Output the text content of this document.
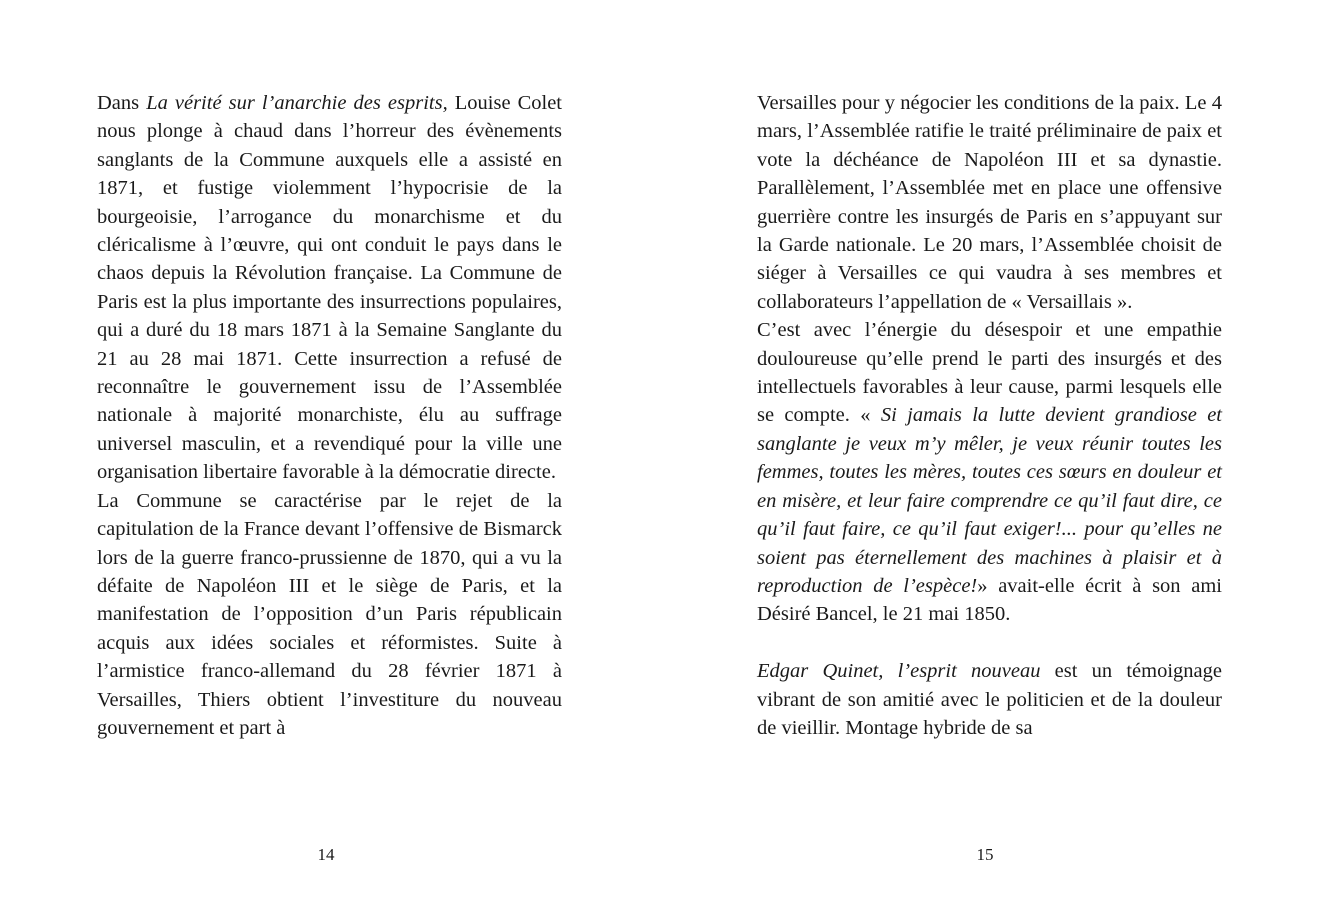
Dans La vérité sur l’anarchie des esprits, Louise Colet nous plonge à chaud dans l’horreur des évènements sanglants de la Commune auxquels elle a assisté en 1871, et fustige violemment l’hypocrisie de la bourgeoisie, l’arrogance du monarchisme et du cléricalisme à l’œuvre, qui ont conduit le pays dans le chaos depuis la Révolution française. La Commune de Paris est la plus importante des insurrections populaires, qui a duré du 18 mars 1871 à la Semaine Sanglante du 21 au 28 mai 1871. Cette insurrection a refusé de reconnaître le gouvernement issu de l’Assemblée nationale à majorité monarchiste, élu au suffrage universel masculin, et a revendiqué pour la ville une organisation libertaire favorable à la démocratie directe.

La Commune se caractérise par le rejet de la capitulation de la France devant l’offensive de Bismarck lors de la guerre franco-prussienne de 1870, qui a vu la défaite de Napoléon III et le siège de Paris, et la manifestation de l’opposition d’un Paris républicain acquis aux idées sociales et réformistes. Suite à l’armistice franco-allemand du 28 février 1871 à Versailles, Thiers obtient l’investiture du nouveau gouvernement et part à

14

Versailles pour y négocier les conditions de la paix. Le 4 mars, l’Assemblée ratifie le traité préliminaire de paix et vote la déchéance de Napoléon III et sa dynastie. Parallèlement, l’Assemblée met en place une offensive guerrière contre les insurgés de Paris en s’appuyant sur la Garde nationale. Le 20 mars, l’Assemblée choisit de siéger à Versailles ce qui vaudra à ses membres et collaborateurs l’appellation de « Versaillais ».

C’est avec l’énergie du désespoir et une empathie douloureuse qu’elle prend le parti des insurgés et des intellectuels favorables à leur cause, parmi lesquels elle se compte. « Si jamais la lutte devient grandiose et sanglante je veux m’y mêler, je veux réunir toutes les femmes, toutes les mères, toutes ces sœurs en douleur et en misère, et leur faire comprendre ce qu’il faut dire, ce qu’il faut faire, ce qu’il faut exiger!... pour qu’elles ne soient pas éternellement des machines à plaisir et à reproduction de l’espèce!» avait-elle écrit à son ami Désiré Bancel, le 21 mai 1850.

Edgar Quinet, l’esprit nouveau est un témoignage vibrant de son amitié avec le politicien et de la douleur de vieillir. Montage hybride de sa

15
